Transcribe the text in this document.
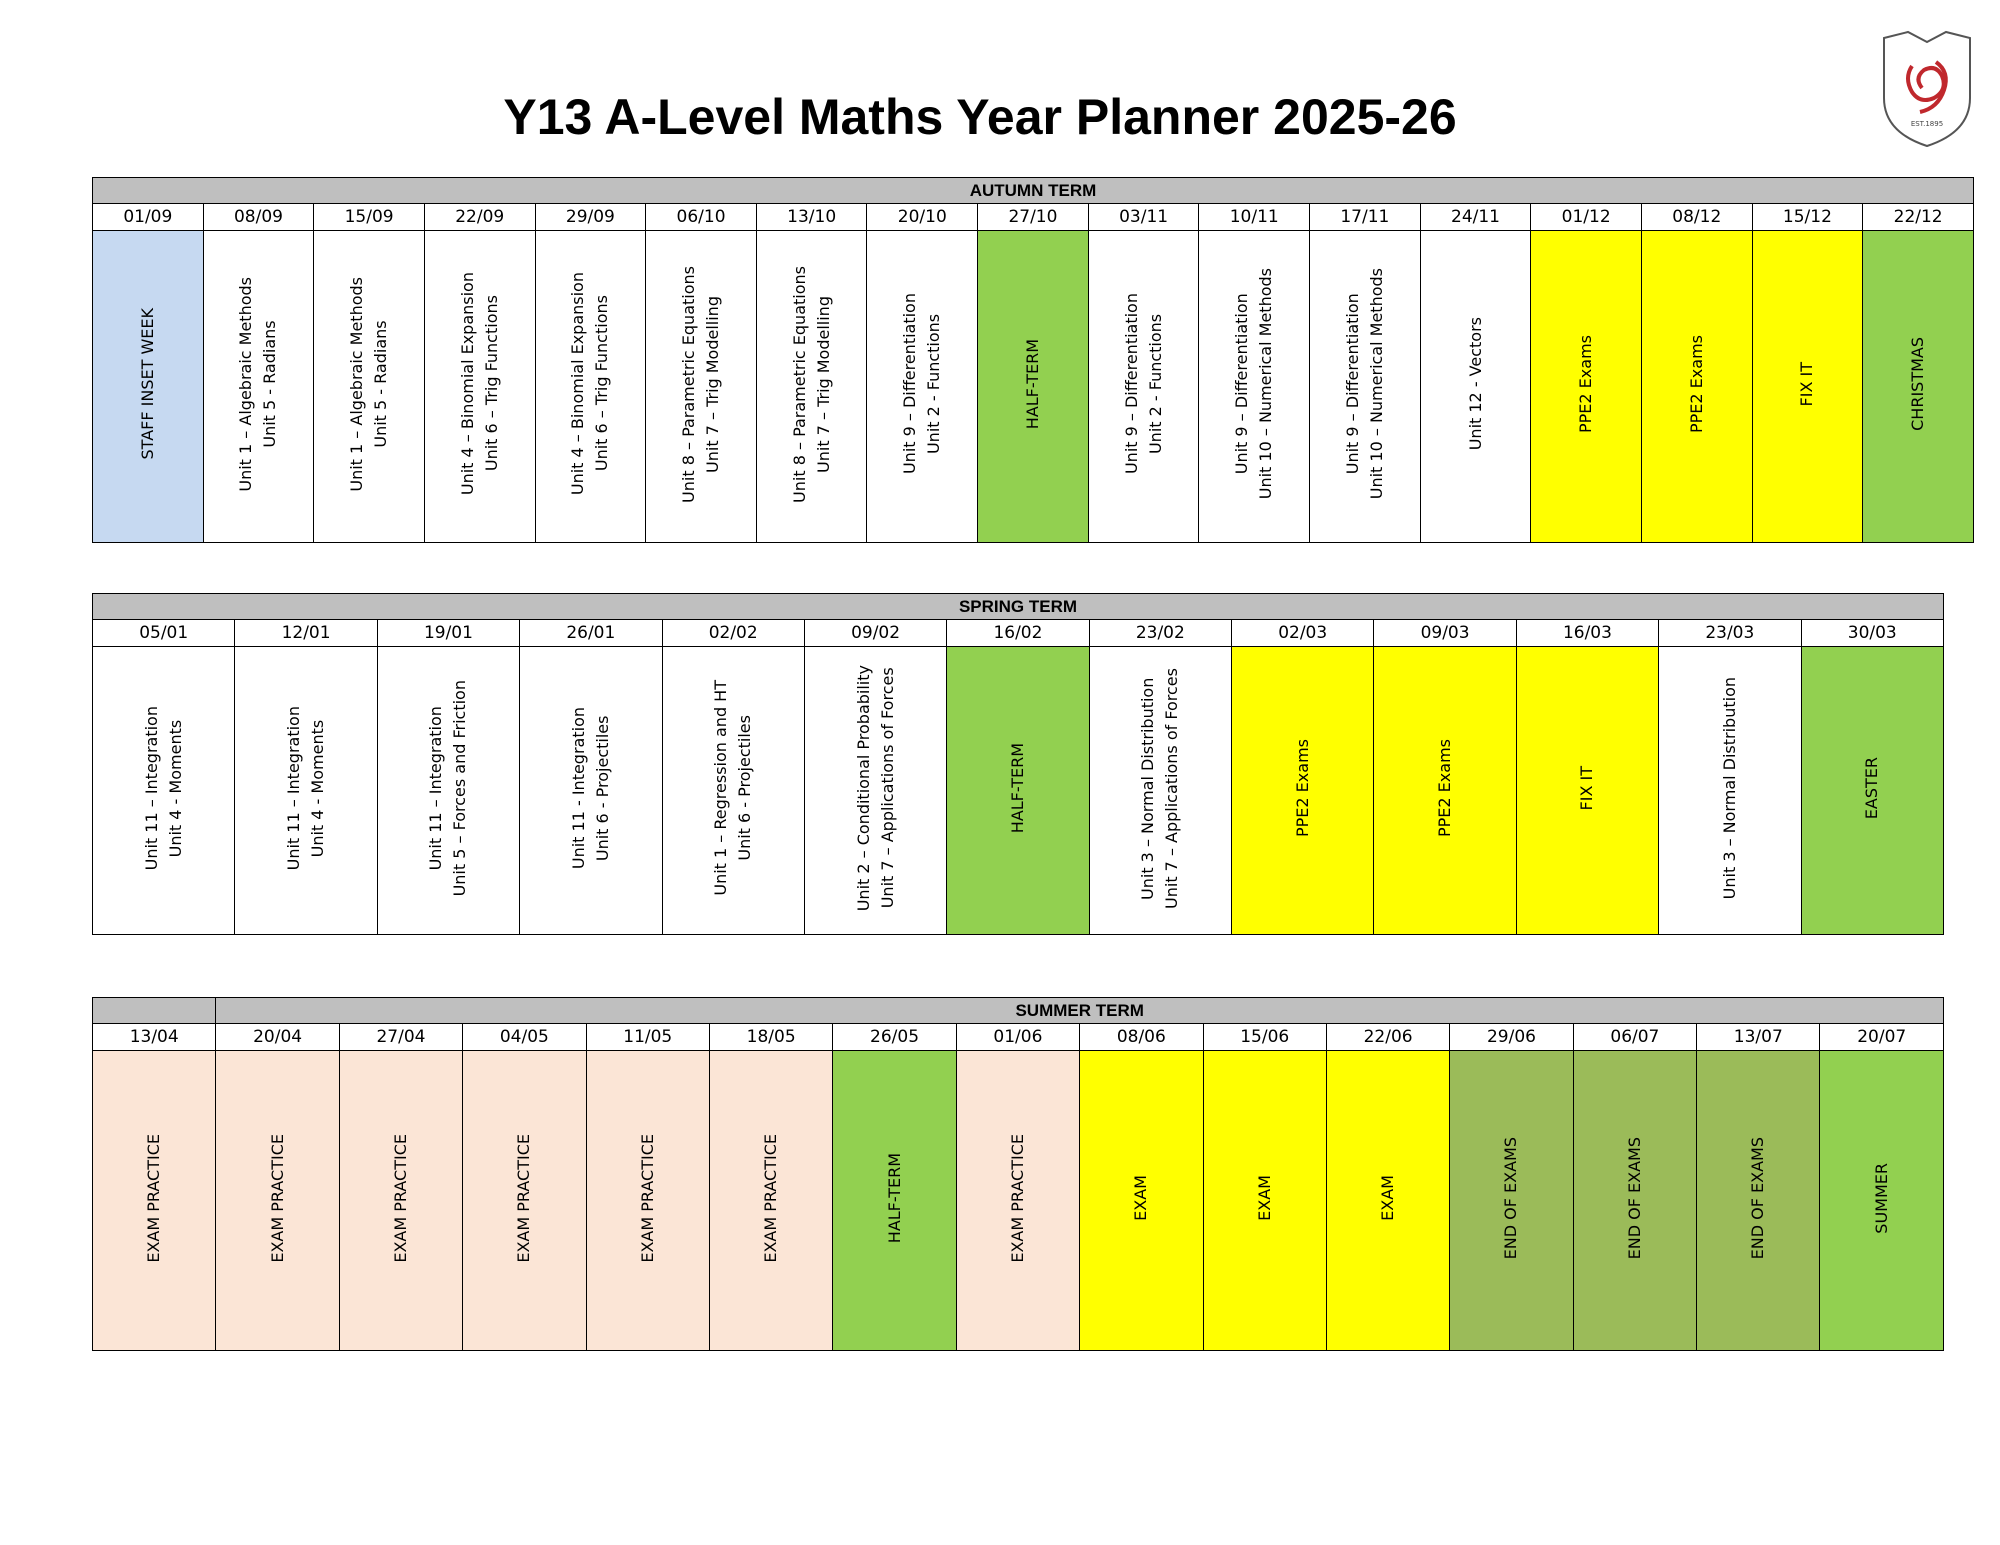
Y13 A-Level Maths Year Planner 2025-26	EST.1895
AUTUMN TERM																
01/09	08/09	15/09	22/09	29/09	06/10	13/10	20/10	27/10	03/11	10/11	17/11	24/11	01/12	08/12	15/12	22/12
STAFF INSET WEEK	Unit 1 – Algebraic Methods Unit 5 - Radians	Unit 1 – Algebraic Methods Unit 5 - Radians	Unit 4 – Binomial Expansion Unit 6 – Trig Functions	Unit 4 – Binomial Expansion Unit 6 – Trig Functions	Unit 8 – Parametric Equations Unit 7 – Trig Modelling	Unit 8 – Parametric Equations Unit 7 – Trig Modelling	Unit 9 – Differentiation Unit 2 - Functions	HALF-TERM	Unit 9 – Differentiation Unit 2 - Functions	Unit 9 – Differentiation Unit 10 – Numerical Methods	Unit 9 – Differentiation Unit 10 – Numerical Methods	Unit 12 - Vectors	PPE2 Exams	PPE2 Exams	FIX IT	CHRISTMAS
SPRING TERM												
05/01	12/01	19/01	26/01	02/02	09/02	16/02	23/02	02/03	09/03	16/03	23/03	30/03
Unit 11 – Integration Unit 4 - Moments	Unit 11 – Integration Unit 4 - Moments	Unit 11 – Integration Unit 5 – Forces and Friction	Unit 11 - Integration Unit 6 - Projectiles	Unit 1 – Regression and HT Unit 6 - Projectiles	Unit 2 – Conditional Probability Unit 7 – Applications of Forces	HALF-TERM	Unit 3 – Normal Distribution Unit 7 – Applications of Forces	PPE2 Exams	PPE2 Exams	FIX IT	Unit 3 – Normal Distribution	EASTER
	SUMMER TERM													
13/04	20/04	27/04	04/05	11/05	18/05	26/05	01/06	08/06	15/06	22/06	29/06	06/07	13/07	20/07
EXAM PRACTICE	EXAM PRACTICE	EXAM PRACTICE	EXAM PRACTICE	EXAM PRACTICE	EXAM PRACTICE	HALF-TERM	EXAM PRACTICE	EXAM	EXAM	EXAM	END OF EXAMS	END OF EXAMS	END OF EXAMS	SUMMER
